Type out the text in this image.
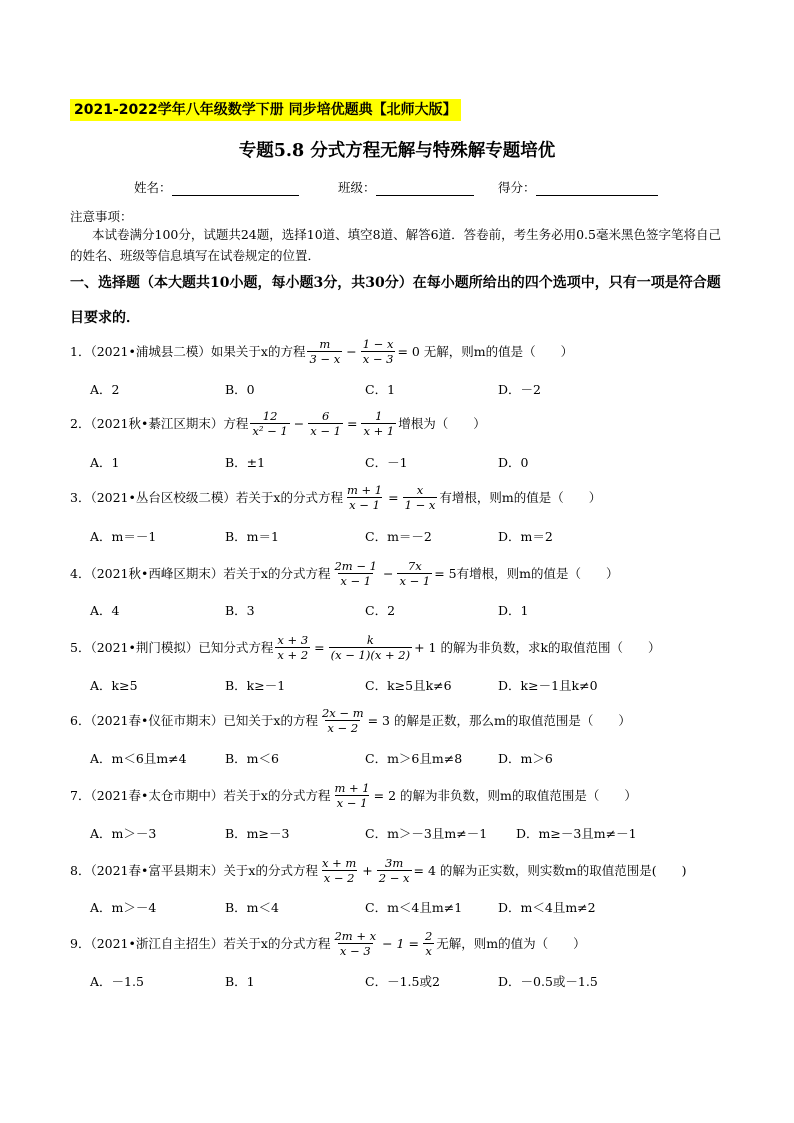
2021-2022学年八年级数学下册 同步培优题典【北师大版】
专题5.8 分式方程无解与特殊解专题培优
姓名：	班级：	得分：
注意事项：
本试卷满分100分，试题共24题，选择10道、填空8道、解答6道．答卷前，考生务必用0.5毫米黑色签字笔将自己的姓名、班级等信息填写在试卷规定的位置．
一、选择题（本大题共10小题，每小题3分，共30分）在每小题所给出的四个选项中，只有一项是符合题目要求的．
1．（2021•浦城县二模）如果关于x的方程 $\frac{m}{3 - x} - \frac{1 - x}{x - 3} = 0$ 无解，则m的值是（　　）
A．2	B．0	C．1	D．－2
2．（2021秋•綦江区期末）方程 $\frac{12}{\text{x² − 1}} - \frac{6}{x - 1} = \frac{1}{x + 1}$ 增根为（　　）
A．1	B．±1	C．－1	D．0
3．（2021•丛台区校级二模）若关于x的分式方程 $\frac{m + 1}{x - 1} = \frac{x}{1 - x}$ 有增根，则m的值是（　　）
A．m＝－1	B．m＝1	C．m＝－2	D．m＝2
4．（2021秋•西峰区期末）若关于x的分式方程 $\frac{2m - 1}{x - 1} - \frac{7x}{x - 1} = 5$有增根，则m的值是（　　）
A．4	B．3	C．2	D．1
5．（2021•荆门模拟）已知分式方程 $\frac{x + 3}{x + 2} = \frac{k}{(x - 1)(x + 2)} + 1$ 的解为非负数，求k的取值范围（　　）
A．k≥5	B．k≥－1	C．k≥5且k≠6	D．k≥－1且k≠0
6．（2021春•仪征市期末）已知关于x的方程 $\frac{2x - m}{x - 2} = 3$ 的解是正数，那么m的取值范围是（　　）
A．m＜6且m≠4	B．m＜6	C．m＞6且m≠8	D．m＞6
7．（2021春•太仓市期中）若关于x的分式方程 $\frac{m + 1}{x - 1} = 2$ 的解为非负数，则m的取值范围是（　　）
A．m＞－3	B．m≥－3	C．m＞－3且m≠－1 D．m≥－3且m≠－1
8．（2021春•富平县期末）关于x的分式方程 $\frac{x + m}{x - 2} + \frac{3m}{2 - x} = 4$ 的解为正实数，则实数m的取值范围是(　　)
A．m＞－4	B．m＜4	C．m＜4且m≠1	D．m＜4且m≠2
9．（2021•浙江自主招生）若关于x的分式方程 $\frac{2m + x}{x - 3} - 1 = \frac{2}{x}$ 无解，则m的值为（　　）
A．－1.5	B．1	C．－1.5或2	D．－0.5或－1.5
